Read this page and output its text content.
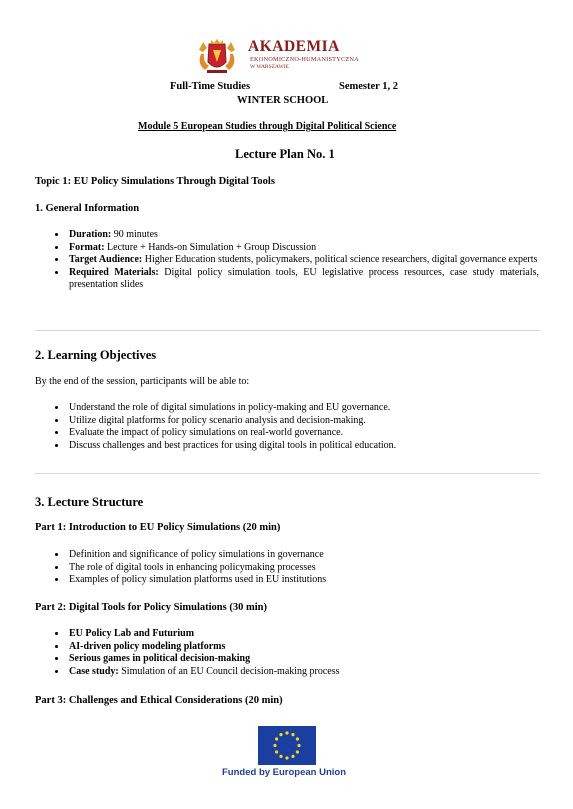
AKADEMIA
EKONOMICZNO-HUMANISTYCZNA
W WARSZAWIE
Full-Time Studies	Semester 1, 2
WINTER SCHOOL
Module 5 European Studies through Digital Political Science
Lecture Plan No. 1
Topic 1: EU Policy Simulations Through Digital Tools
1. General Information
• Duration: 90 minutes
• Format: Lecture + Hands-on Simulation + Group Discussion
• Target Audience: Higher Education students, policymakers, political science researchers, digital governance experts
• Required Materials: Digital policy simulation tools, EU legislative process resources, case study materials, presentation slides
2. Learning Objectives
By the end of the session, participants will be able to:
• Understand the role of digital simulations in policy-making and EU governance.
• Utilize digital platforms for policy scenario analysis and decision-making.
• Evaluate the impact of policy simulations on real-world governance.
• Discuss challenges and best practices for using digital tools in political education.
3. Lecture Structure
Part 1: Introduction to EU Policy Simulations (20 min)
• Definition and significance of policy simulations in governance
• The role of digital tools in enhancing policymaking processes
• Examples of policy simulation platforms used in EU institutions
Part 2: Digital Tools for Policy Simulations (30 min)
• EU Policy Lab and Futurium
• AI-driven policy modeling platforms
• Serious games in political decision-making
• Case study: Simulation of an EU Council decision-making process
Part 3: Challenges and Ethical Considerations (20 min)
Funded by European Union
